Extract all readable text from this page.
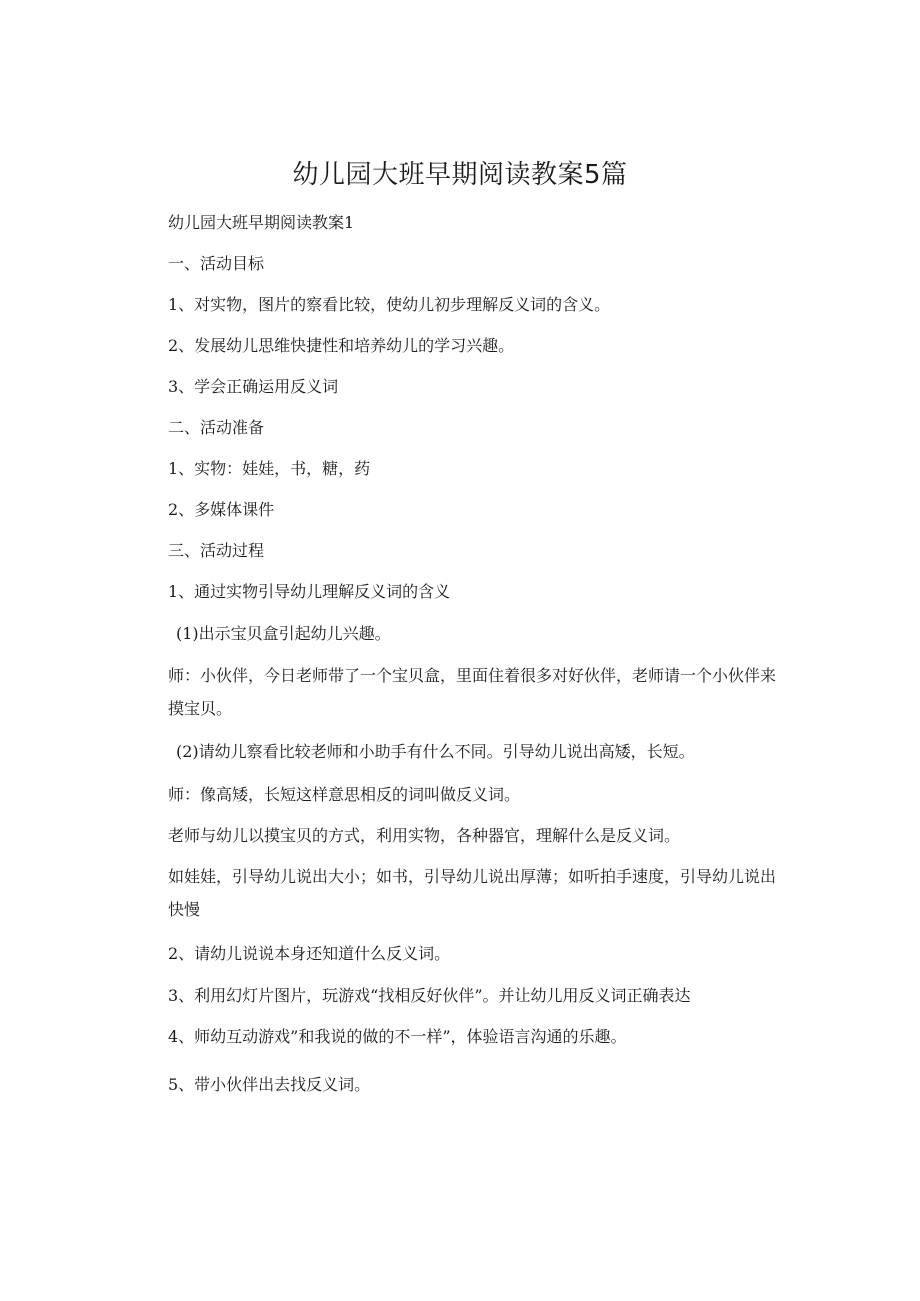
幼儿园大班早期阅读教案5篇
幼儿园大班早期阅读教案1
一、活动目标
1、对实物，图片的察看比较，使幼儿初步理解反义词的含义。
2、发展幼儿思维快捷性和培养幼儿的学习兴趣。
3、学会正确运用反义词
二、活动准备
1、实物：娃娃，书，糖，药
2、多媒体课件
三、活动过程
1、通过实物引导幼儿理解反义词的含义
(1)出示宝贝盒引起幼儿兴趣。
师：小伙伴，今日老师带了一个宝贝盒，里面住着很多对好伙伴，老师请一个小伙伴来摸宝贝。
(2)请幼儿察看比较老师和小助手有什么不同。引导幼儿说出高矮，长短。
师：像高矮，长短这样意思相反的词叫做反义词。
老师与幼儿以摸宝贝的方式，利用实物，各种器官，理解什么是反义词。
如娃娃，引导幼儿说出大小；如书，引导幼儿说出厚薄；如听拍手速度，引导幼儿说出快慢
2、请幼儿说说本身还知道什么反义词。
3、利用幻灯片图片，玩游戏“找相反好伙伴”。并让幼儿用反义词正确表达
4、师幼互动游戏”和我说的做的不一样”，体验语言沟通的乐趣。
5、带小伙伴出去找反义词。
